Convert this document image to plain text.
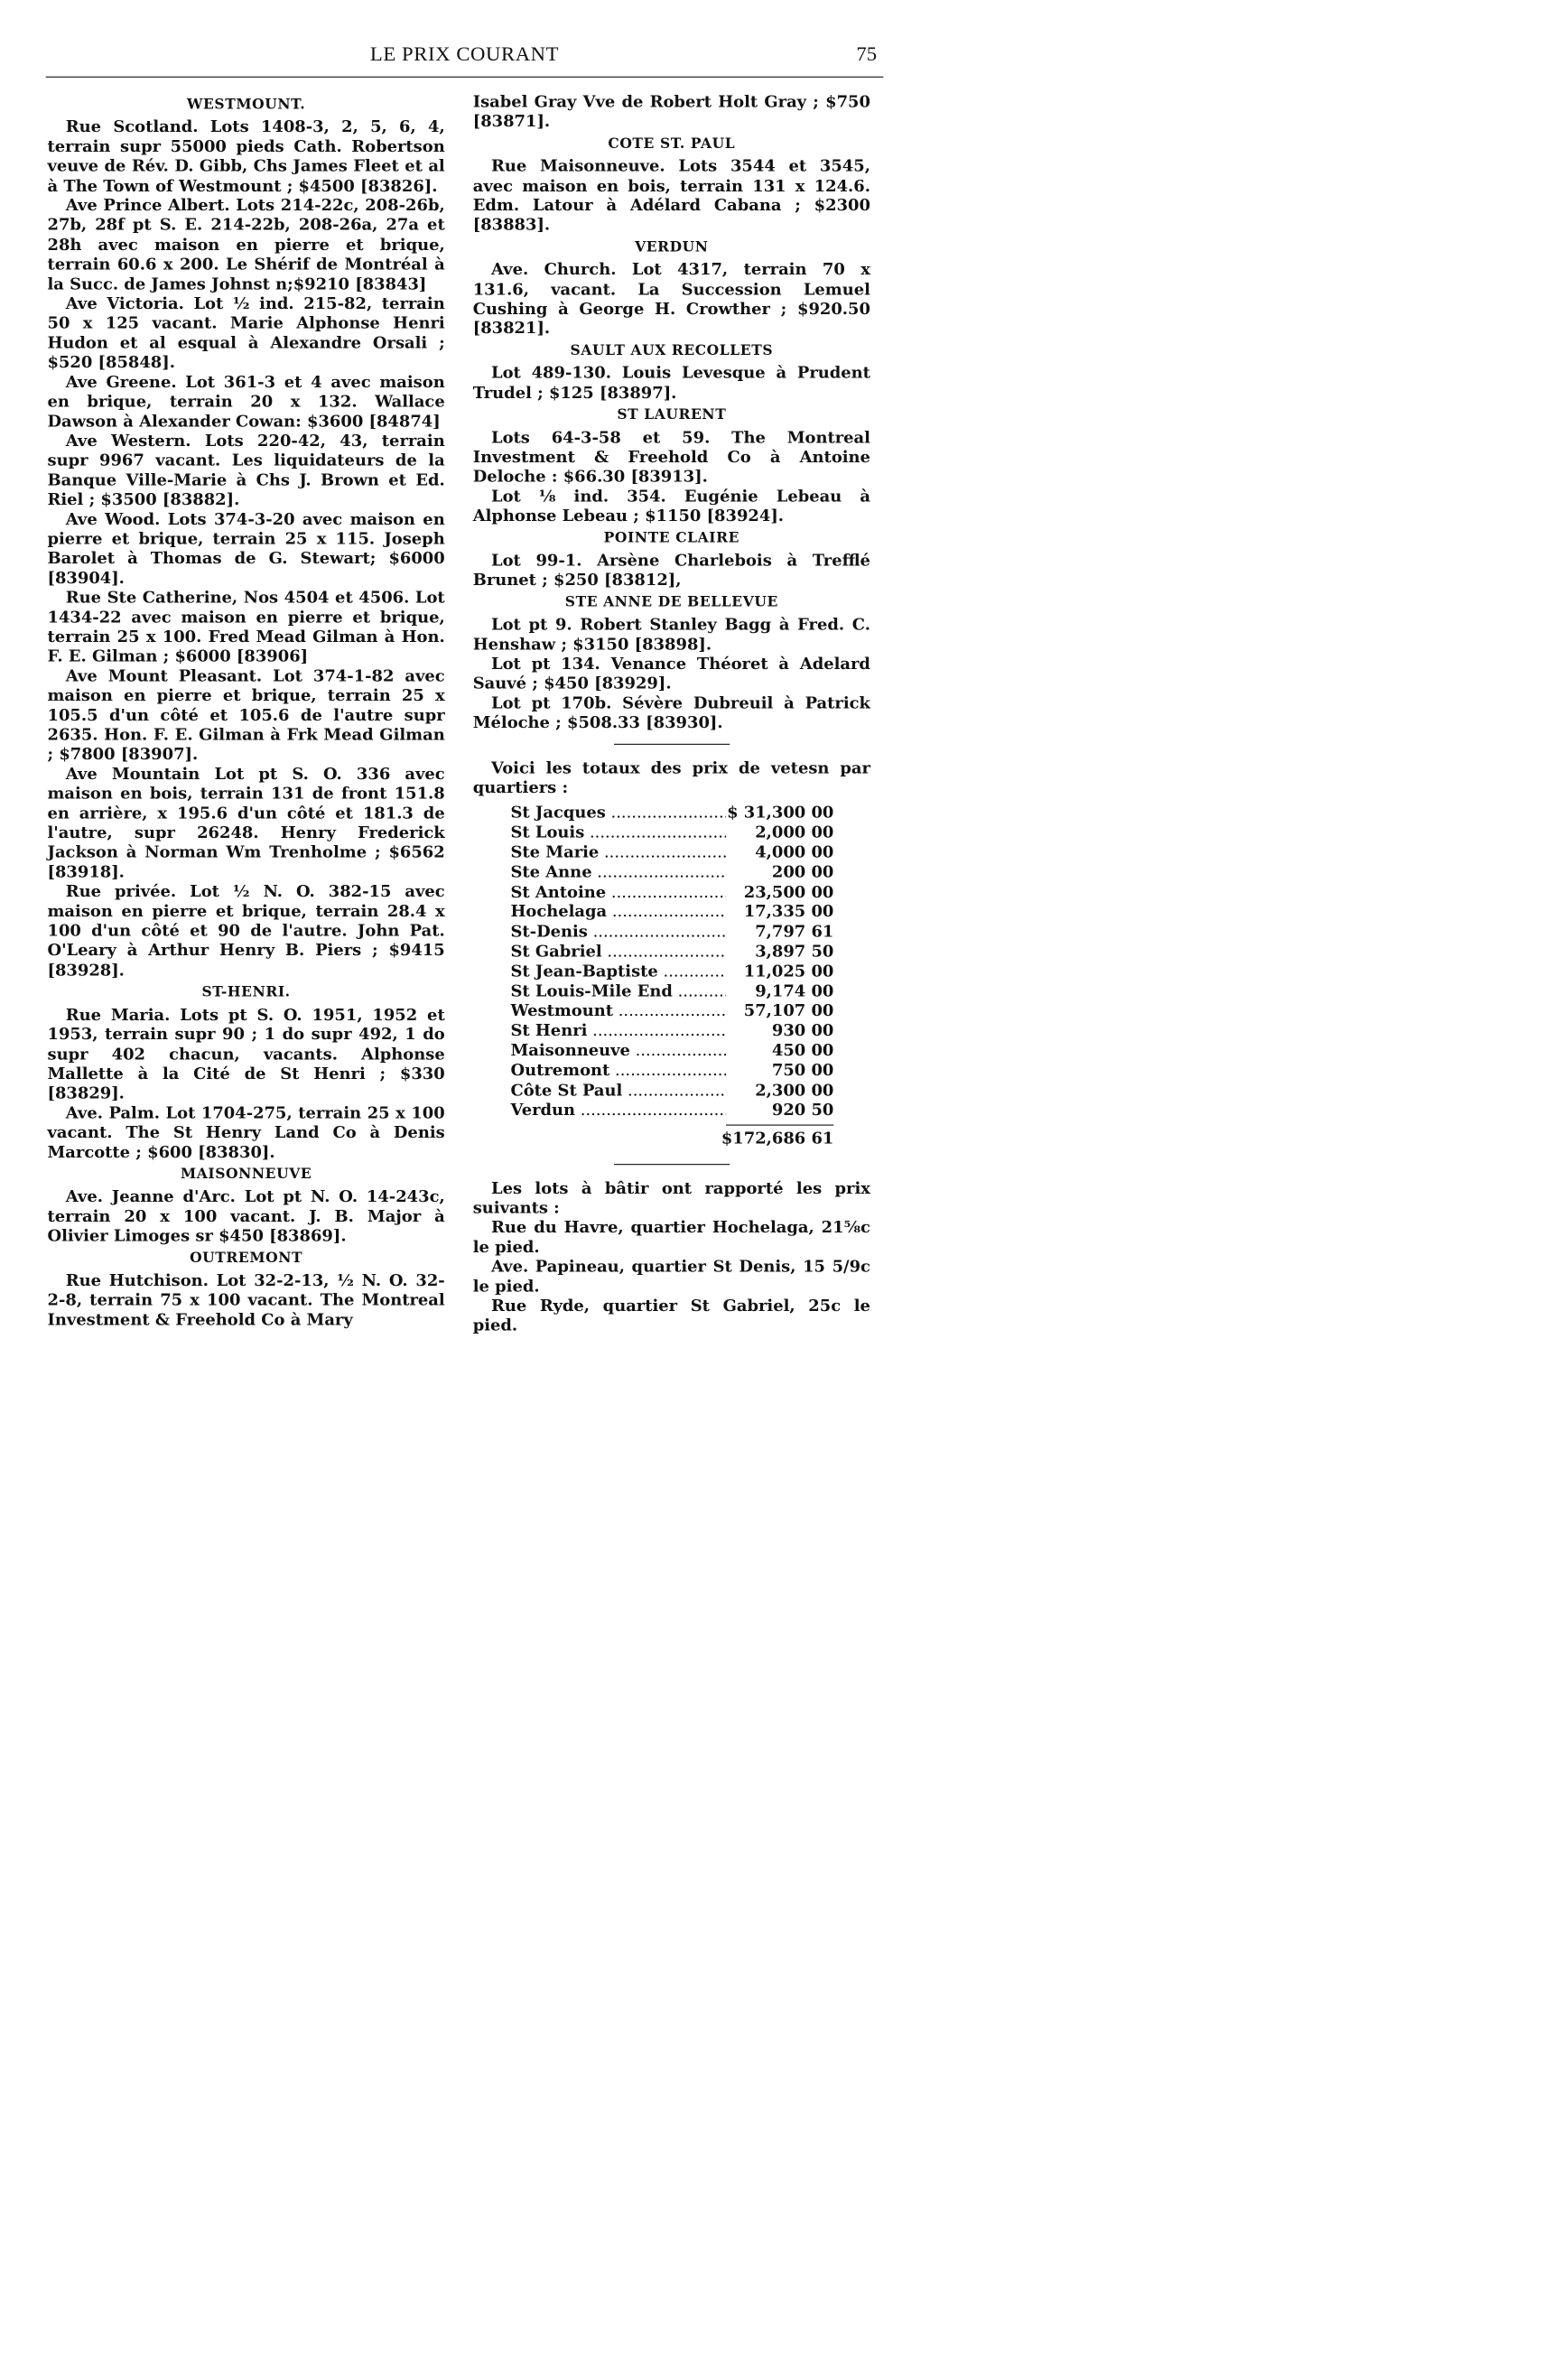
LE PRIX COURANT	75
WESTMOUNT.

Rue Scotland. Lots 1408-3, 2, 5, 6, 4, terrain supr 55000 pieds Cath. Robertson veuve de Rév. D. Gibb, Chs James Fleet et al à The Town of Westmount ; $4500 [83826].

Ave Prince Albert. Lots 214-22c, 208-26b, 27b, 28f pt S. E. 214-22b, 208-26a, 27a et 28h avec maison en pierre et brique, terrain 60.6 x 200. Le Shérif de Montréal à la Succ. de James Johnst n;$9210 [83843]

Ave Victoria. Lot ½ ind. 215-82, terrain 50 x 125 vacant. Marie Alphonse Henri Hudon et al esqual à Alexandre Orsali ; $520 [85848].

Ave Greene. Lot 361-3 et 4 avec maison en brique, terrain 20 x 132. Wallace Dawson à Alexander Cowan: $3600 [84874]

Ave Western. Lots 220-42, 43, terrain supr 9967 vacant. Les liquidateurs de la Banque Ville-Marie à Chs J. Brown et Ed. Riel ; $3500 [83882].

Ave Wood. Lots 374-3-20 avec maison en pierre et brique, terrain 25 x 115. Joseph Barolet à Thomas de G. Stewart; $6000 [83904].

Rue Ste Catherine, Nos 4504 et 4506. Lot 1434-22 avec maison en pierre et brique, terrain 25 x 100. Fred Mead Gilman à Hon. F. E. Gilman ; $6000 [83906]

Ave Mount Pleasant. Lot 374-1-82 avec maison en pierre et brique, terrain 25 x 105.5 d'un côté et 105.6 de l'autre supr 2635. Hon. F. E. Gilman à Frk Mead Gilman ; $7800 [83907].

Ave Mountain Lot pt S. O. 336 avec maison en bois, terrain 131 de front 151.8 en arrière, x 195.6 d'un côté et 181.3 de l'autre, supr 26248. Henry Frederick Jackson à Norman Wm Trenholme ; $6562 [83918].

Rue privée. Lot ½ N. O. 382-15 avec maison en pierre et brique, terrain 28.4 x 100 d'un côté et 90 de l'autre. John Pat. O'Leary à Arthur Henry B. Piers ; $9415 [83928].

ST-HENRI.

Rue Maria. Lots pt S. O. 1951, 1952 et 1953, terrain supr 90 ; 1 do supr 492, 1 do supr 402 chacun, vacants. Alphonse Mallette à la Cité de St Henri ; $330 [83829].

Ave. Palm. Lot 1704-275, terrain 25 x 100 vacant. The St Henry Land Co à Denis Marcotte ; $600 [83830].

MAISONNEUVE

Ave. Jeanne d'Arc. Lot pt N. O. 14-243c, terrain 20 x 100 vacant. J. B. Major à Olivier Limoges sr $450 [83869].

OUTREMONT

Rue Hutchison. Lot 32-2-13, ½ N. O. 32-2-8, terrain 75 x 100 vacant. The Montreal Investment & Freehold Co à Mary

Isabel Gray Vve de Robert Holt Gray ; $750 [83871].

COTE ST. PAUL

Rue Maisonneuve. Lots 3544 et 3545, avec maison en bois, terrain 131 x 124.6. Edm. Latour à Adélard Cabana ; $2300 [83883].

VERDUN

Ave. Church. Lot 4317, terrain 70 x 131.6, vacant. La Succession Lemuel Cushing à George H. Crowther ; $920.50 [83821].

SAULT AUX RECOLLETS

Lot 489-130. Louis Levesque à Prudent Trudel ; $125 [83897].

ST LAURENT

Lots 64-3-58 et 59. The Montreal Investment & Freehold Co à Antoine Deloche : $66.30 [83913].

Lot ⅛ ind. 354. Eugénie Lebeau à Alphonse Lebeau ; $1150 [83924].

POINTE CLAIRE

Lot 99-1. Arsène Charlebois à Trefflé Brunet ; $250 [83812],

STE ANNE DE BELLEVUE

Lot pt 9. Robert Stanley Bagg à Fred. C. Henshaw ; $3150 [83898].

Lot pt 134. Venance Théoret à Adelard Sauvé ; $450 [83929].

Lot pt 170b. Sévère Dubreuil à Patrick Méloche ; $508.33 [83930].

Voici les totaux des prix de vetesn par quartiers :

St Jacques .....	$ 31,300 00
St Louis .....	2,000 00
Ste Marie .....	4,000 00
Ste Anne .....	200 00
St Antoine .....	23,500 00
Hochelaga .....	17,335 00
St-Denis .....	7,797 61
St Gabriel .....	3,897 50
St Jean-Baptiste .....	11,025 00
St Louis-Mile End .....	9,174 00
Westmount .....	57,107 00
St Henri .....	930 00
Maisonneuve .....	450 00
Outremont .....	750 00
Côte St Paul .....	2,300 00
Verdun .....	920 50
$172,686 61

Les lots à bâtir ont rapporté les prix suivants :

Rue du Havre, quartier Hochelaga, 21⅝c le pied.

Ave. Papineau, quartier St Denis, 15 5/9c le pied.

Rue Ryde, quartier St Gabriel, 25c le pied.
